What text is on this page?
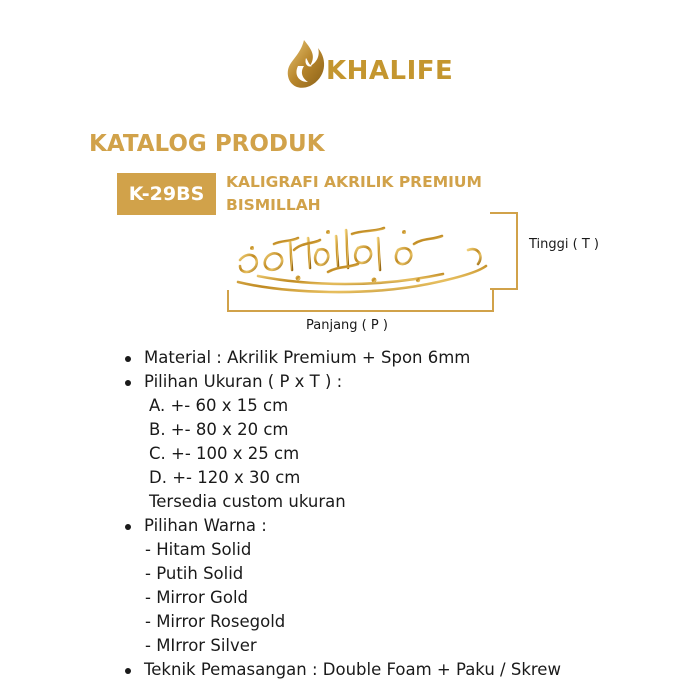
KHALIFE
KATALOG PRODUK
K-29BS
KALIGRAFI AKRILIK PREMIUM
BISMILLAH
Tinggi ( T )
Panjang ( P )
Material : Akrilik Premium + Spon 6mm
Pilihan Ukuran ( P x T ) :
A. +- 60 x 15 cm
B. +- 80 x 20 cm
C. +- 100 x 25 cm
D. +- 120 x 30 cm
Tersedia custom ukuran
Pilihan Warna :
- Hitam Solid
- Putih Solid
- Mirror Gold
- Mirror Rosegold
- MIrror Silver
Teknik Pemasangan : Double Foam + Paku / Skrew
